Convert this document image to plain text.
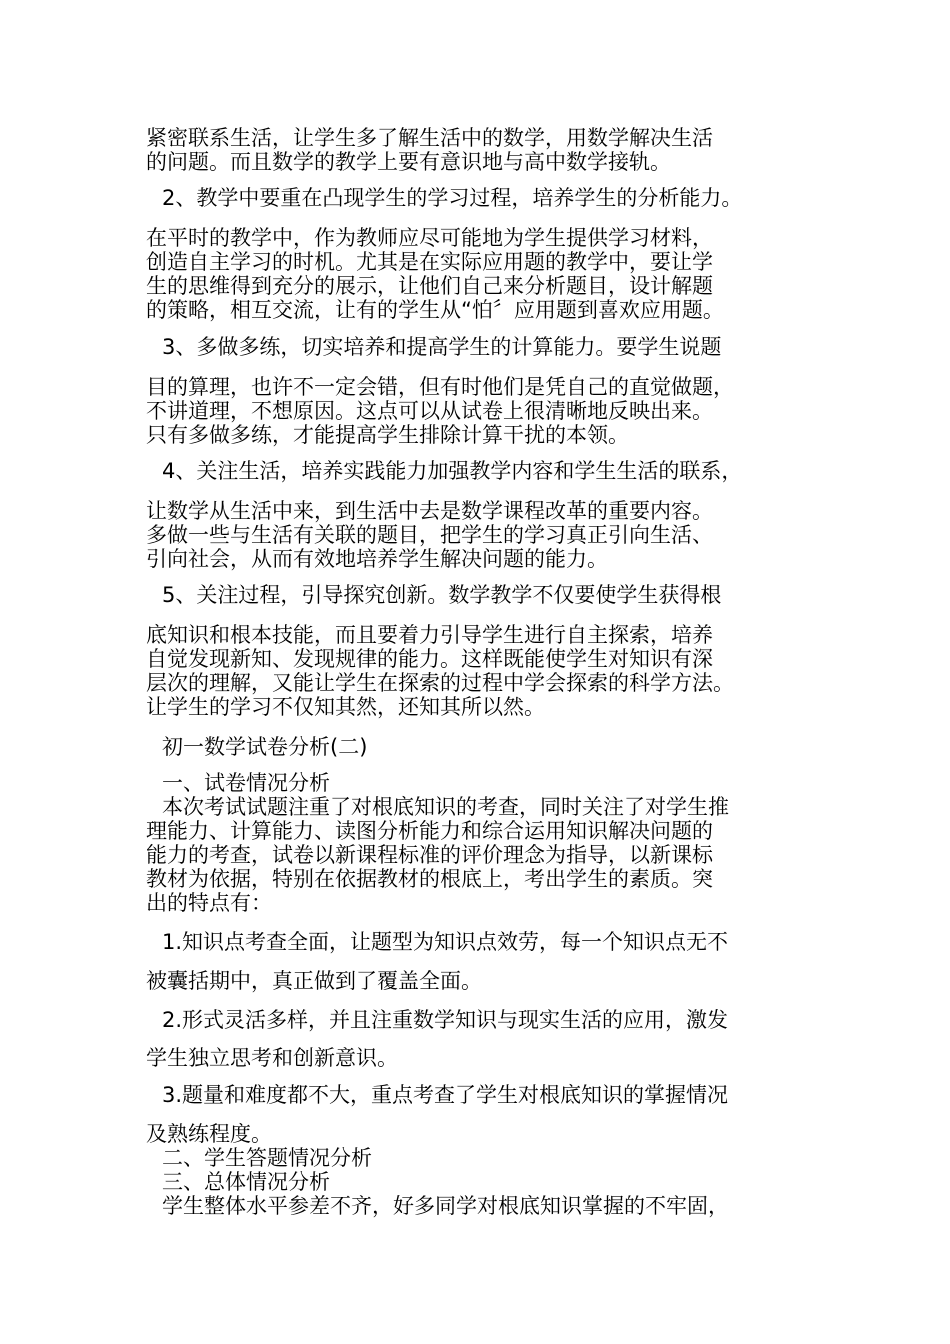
紧密联系生活，让学生多了解生活中的数学，用数学解决生活

的问题。而且数学的教学上要有意识地与高中数学接轨。

2、教学中要重在凸现学生的学习过程，培养学生的分析能力。

在平时的教学中，作为教师应尽可能地为学生提供学习材料，

创造自主学习的时机。尤其是在实际应用题的教学中，要让学

生的思维得到充分的展示，让他们自己来分析题目，设计解题

的策略，相互交流，让有的学生从“怕〞应用题到喜欢应用题。

3、多做多练，切实培养和提高学生的计算能力。要学生说题

目的算理，也许不一定会错，但有时他们是凭自己的直觉做题，

不讲道理，不想原因。这点可以从试卷上很清晰地反映出来。

只有多做多练，才能提高学生排除计算干扰的本领。

4、关注生活，培养实践能力加强教学内容和学生生活的联系，

让数学从生活中来，到生活中去是数学课程改革的重要内容。

多做一些与生活有关联的题目，把学生的学习真正引向生活、

引向社会，从而有效地培养学生解决问题的能力。

5、关注过程，引导探究创新。数学教学不仅要使学生获得根

底知识和根本技能，而且要着力引导学生进行自主探索，培养

自觉发现新知、发现规律的能力。这样既能使学生对知识有深

层次的理解，又能让学生在探索的过程中学会探索的科学方法。

让学生的学习不仅知其然，还知其所以然。

初一数学试卷分析(二)

一、试卷情况分析

本次考试试题注重了对根底知识的考查，同时关注了对学生推

理能力、计算能力、读图分析能力和综合运用知识解决问题的

能力的考查，试卷以新课程标准的评价理念为指导，以新课标

教材为依据，特别在依据教材的根底上，考出学生的素质。突

出的特点有：

1.知识点考查全面，让题型为知识点效劳，每一个知识点无不

被囊括期中，真正做到了覆盖全面。

2.形式灵活多样，并且注重数学知识与现实生活的应用，激发

学生独立思考和创新意识。

3.题量和难度都不大，重点考查了学生对根底知识的掌握情况

及熟练程度。

二、学生答题情况分析

三、总体情况分析

学生整体水平参差不齐，好多同学对根底知识掌握的不牢固，
